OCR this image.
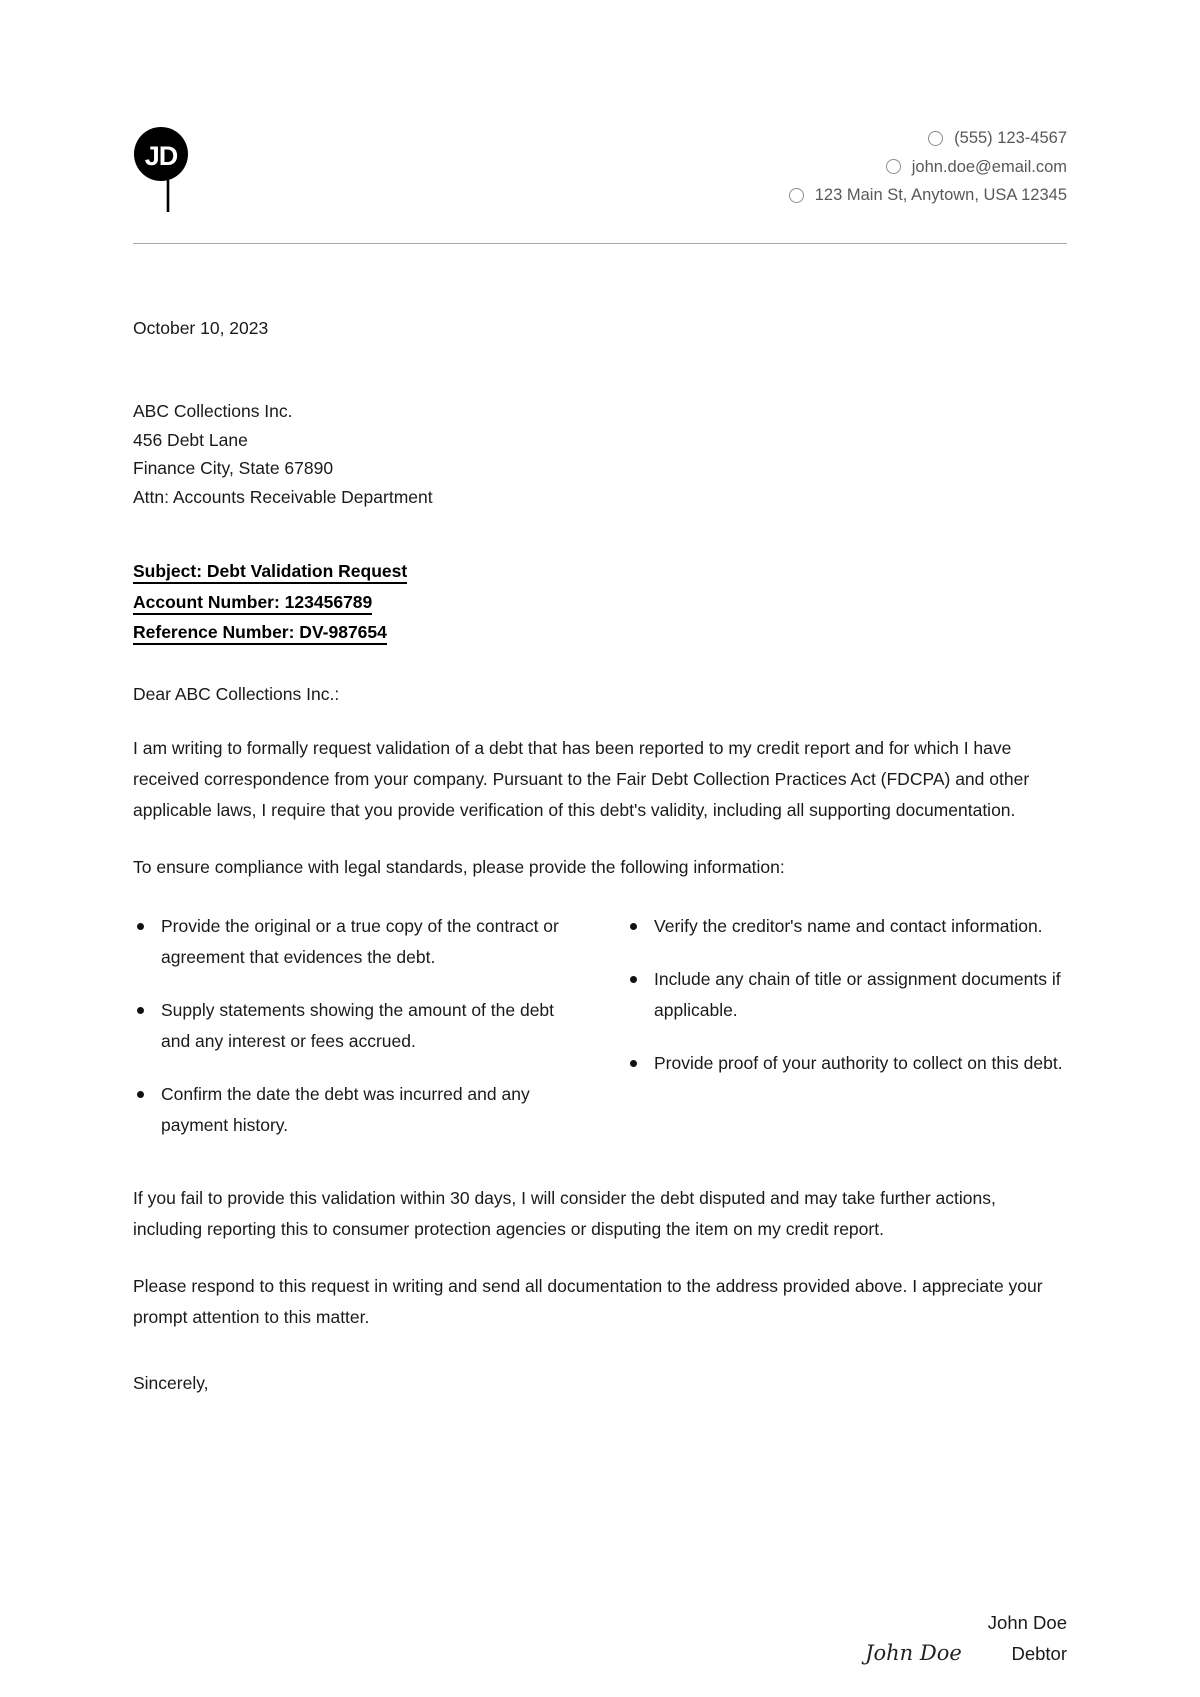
JD
(555) 123-4567
john.doe@email.com
123 Main St, Anytown, USA 12345
October 10, 2023
ABC Collections Inc.
456 Debt Lane
Finance City, State 67890
Attn: Accounts Receivable Department
Subject: Debt Validation Request
Account Number: 123456789
Reference Number: DV-987654
Dear ABC Collections Inc.:
I am writing to formally request validation of a debt that has been reported to my credit report and for which I have received correspondence from your company. Pursuant to the Fair Debt Collection Practices Act (FDCPA) and other applicable laws, I require that you provide verification of this debt's validity, including all supporting documentation.
To ensure compliance with legal standards, please provide the following information:
Provide the original or a true copy of the contract or agreement that evidences the debt.
Supply statements showing the amount of the debt and any interest or fees accrued.
Confirm the date the debt was incurred and any payment history.
Verify the creditor's name and contact information.
Include any chain of title or assignment documents if applicable.
Provide proof of your authority to collect on this debt.
If you fail to provide this validation within 30 days, I will consider the debt disputed and may take further actions, including reporting this to consumer protection agencies or disputing the item on my credit report.
Please respond to this request in writing and send all documentation to the address provided above. I appreciate your prompt attention to this matter.
Sincerely,
John Doe
John Doe
Debtor
